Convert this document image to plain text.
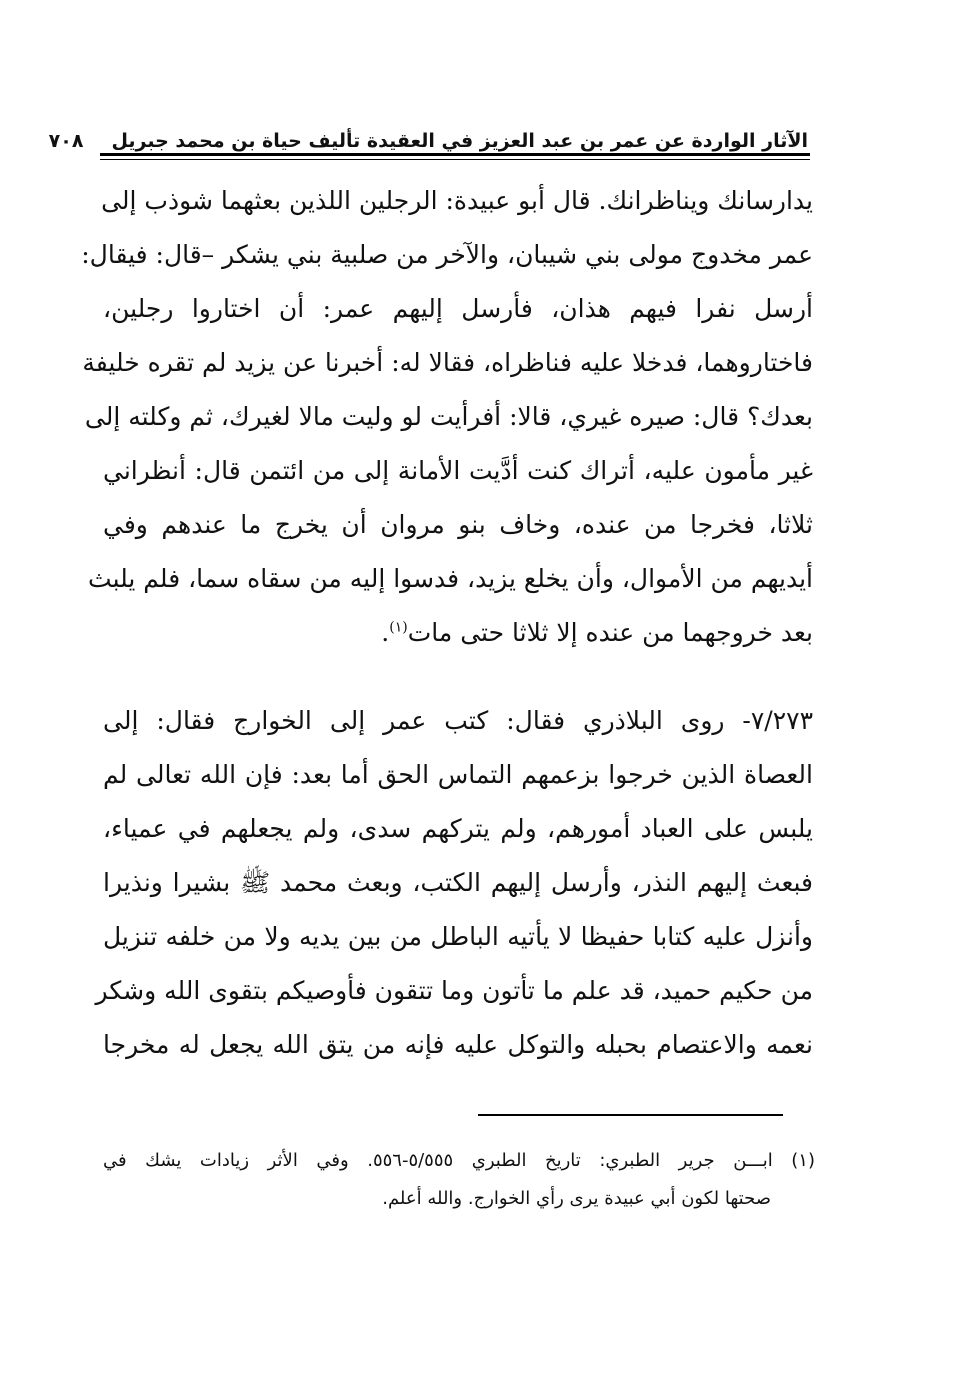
الآثار الواردة عن عمر بن عبد العزيز في العقيدة تأليف حياة بن محمد جبريل
٧٠٨
يدارسانك ويناظرانك. قال أبو عبيدة: الرجلين اللذين بعثهما شوذب إلى
عمر مخدوج مولى بني شيبان، والآخر من صلبية بني يشكر –قال: فيقال:
أرسل نفرا فيهم هذان، فأرسل إليهم عمر: أن اختاروا رجلين،
فاختاروهما، فدخلا عليه فناظراه، فقالا له: أخبرنا عن يزيد لم تقره خليفة
بعدك؟ قال: صيره غيري، قالا: أفرأيت لو وليت مالا لغيرك، ثم وكلته إلى
غير مأمون عليه، أتراك كنت أدَّيت الأمانة إلى من ائتمن قال: أنظراني
ثلاثا، فخرجا من عنده، وخاف بنو مروان أن يخرج ما عندهم وفي
أيديهم من الأموال، وأن يخلع يزيد، فدسوا إليه من سقاه سما، فلم يلبث
بعد خروجهما من عنده إلا ثلاثا حتى مات$^{(١)}$.
٧/٢٧٣- روى البلاذري فقال: كتب عمر إلى الخوارج فقال: إلى
العصاة الذين خرجوا بزعمهم التماس الحق أما بعد: فإن الله تعالى لم
يلبس على العباد أمورهم، ولم يتركهم سدى، ولم يجعلهم في عمياء،
فبعث إليهم النذر، وأرسل إليهم الكتب، وبعث محمد ﷺ بشيرا ونذيرا
وأنزل عليه كتابا حفيظا لا يأتيه الباطل من بين يديه ولا من خلفه تنزيل
من حكيم حميد، قد علم ما تأتون وما تتقون فأوصيكم بتقوى الله وشكر
نعمه والاعتصام بحبله والتوكل عليه فإنه من يتق الله يجعل له مخرجا
(١) ابـــن جرير الطبري: تاريخ الطبري ٥/٥٥٥-٥٥٦. وفي الأثر زيادات يشك في
صحتها لكون أبي عبيدة يرى رأي الخوارج. والله أعلم.
